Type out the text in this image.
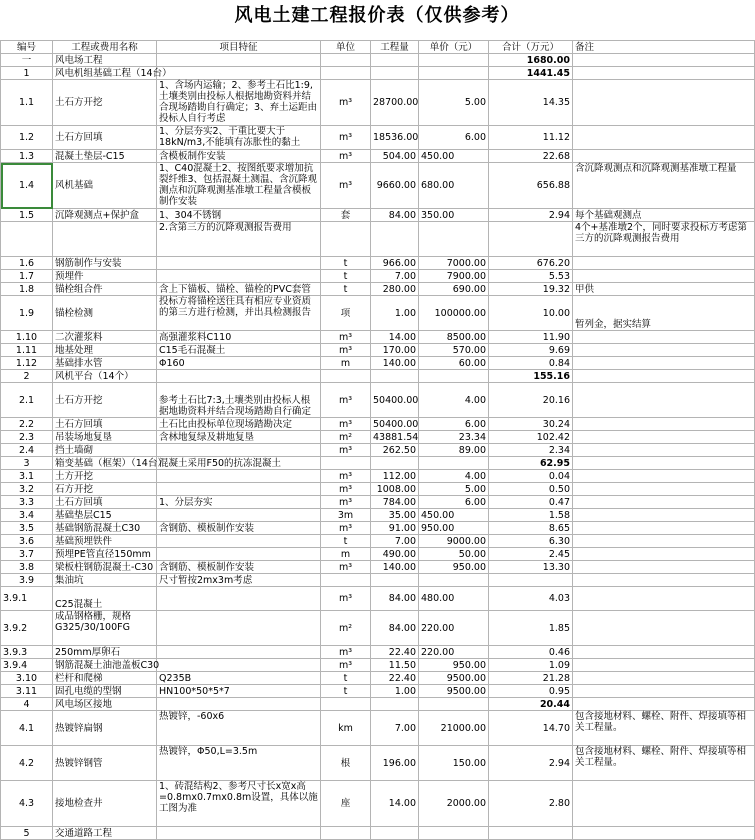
风电土建工程报价表（仅供参考）
编号	工程或费用名称	项目特征	单位	工程量	单价（元）	合计（万元）	备注
一	风电场工程					1680.00	
1	风电机组基础工程（14台）					1441.45	
1.1	土石方开挖	1、含场内运输；2、参考土石比1:9,土壤类别由投标人根据地勘资料并结合现场踏勘自行确定；3、弃土运距由投标人自行考虑	m³	28700.00	5.00	14.35	
1.2	土石方回填	1、分层夯实2、干重比要大于18kN/m3,不能填有冻胀性的黏土	m³	18536.00	6.00	11.12	
1.3	混凝土垫层-C15	含模板制作安装	m³	504.00	450.00	22.68	
1.4	风机基础	1、C40混凝土2、按图纸要求增加抗裂纤维3、包括混凝土测温、含沉降观测点和沉降观测基准墩工程量含模板制作安装	m³	9660.00	680.00	656.88	含沉降观测点和沉降观测基准墩工程量
1.5	沉降观测点+保护盒	1、304不锈钢	套	84.00	350.00	2.94	每个基础观测点
		2.含第三方的沉降观测报告费用					4个+基准墩2个，同时要求投标方考虑第三方的沉降观测报告费用
1.6	钢筋制作与安装		t	966.00	7000.00	676.20	
1.7	预埋件		t	7.00	7900.00	5.53	
1.8	锚栓组合件	含上下锚板、锚栓、锚栓的PVC套管	t	280.00	690.00	19.32	甲供
1.9	锚栓检测	投标方将锚栓送往具有相应专业资质的第三方进行检测，并出具检测报告	项	1.00	100000.00	10.00	暂列金，据实结算
1.10	二次灌浆料	高强灌浆料C110	m³	14.00	8500.00	11.90	
1.11	地基处理	C15毛石混凝土	m³	170.00	570.00	9.69	
1.12	基础排水管	Φ160	m	140.00	60.00	0.84	
2	风机平台（14个）					155.16	
2.1	土石方开挖	参考土石比7:3,土壤类别由投标人根据地勘资料并结合现场踏勘自行确定	m³	50400.00	4.00	20.16	
2.2	土石方回填	土石比由投标单位现场踏勘决定	m³	50400.00	6.00	30.24	
2.3	吊装场地复垦	含林地复绿及耕地复垦	m²	43881.54	23.34	102.42	
2.4	挡土墙砌		m³	262.50	89.00	2.34	
3	箱变基础（框架）（14台）	混凝土采用F50的抗冻混凝土				62.95	
3.1	土方开挖		m³	112.00	4.00	0.04	
3.2	石方开挖		m³	1008.00	5.00	0.50	
3.3	土石方回填	1、分层夯实	m³	784.00	6.00	0.47	
3.4	基础垫层C15		3m	35.00	450.00	1.58	
3.5	基础钢筋混凝土C30	含钢筋、模板制作安装	m³	91.00	950.00	8.65	
3.6	基础预埋铁件		t	7.00	9000.00	6.30	
3.7	预埋PE管直径150mm		m	490.00	50.00	2.45	
3.8	梁板柱钢筋混凝土-C30	含钢筋、模板制作安装	m³	140.00	950.00	13.30	
3.9	集油坑	尺寸暂按2mx3m考虑					
3.9.1	C25混凝土		m³	84.00	480.00	4.03	
3.9.2	成品钢格栅，规格G325/30/100FG		m²	84.00	220.00	1.85	
3.9.3	250mm厚卵石		m³	22.40	220.00	0.46	
3.9.4	钢筋混凝土油池盖板C30		m³	11.50	950.00	1.09	
3.10	栏杆和爬梯	Q235B	t	22.40	9500.00	21.28	
3.11	固孔电缆的型钢	HN100*50*5*7	t	1.00	9500.00	0.95	
4	风电场区接地					20.44	
4.1	热镀锌扁钢	热镀锌，-60x6	km	7.00	21000.00	14.70	包含接地材料、螺栓、附件、焊接填等相关工程量。
4.2	热镀锌钢管	热镀锌，Φ50,L=3.5m	根	196.00	150.00	2.94	包含接地材料、螺栓、附件、焊接填等相关工程量。
4.3	接地检查井	1、砖混结构2、参考尺寸长x宽x高=0.8mx0.7mx0.8m设置，具体以施工图为准	座	14.00	2000.00	2.80	
5	交通道路工程						
